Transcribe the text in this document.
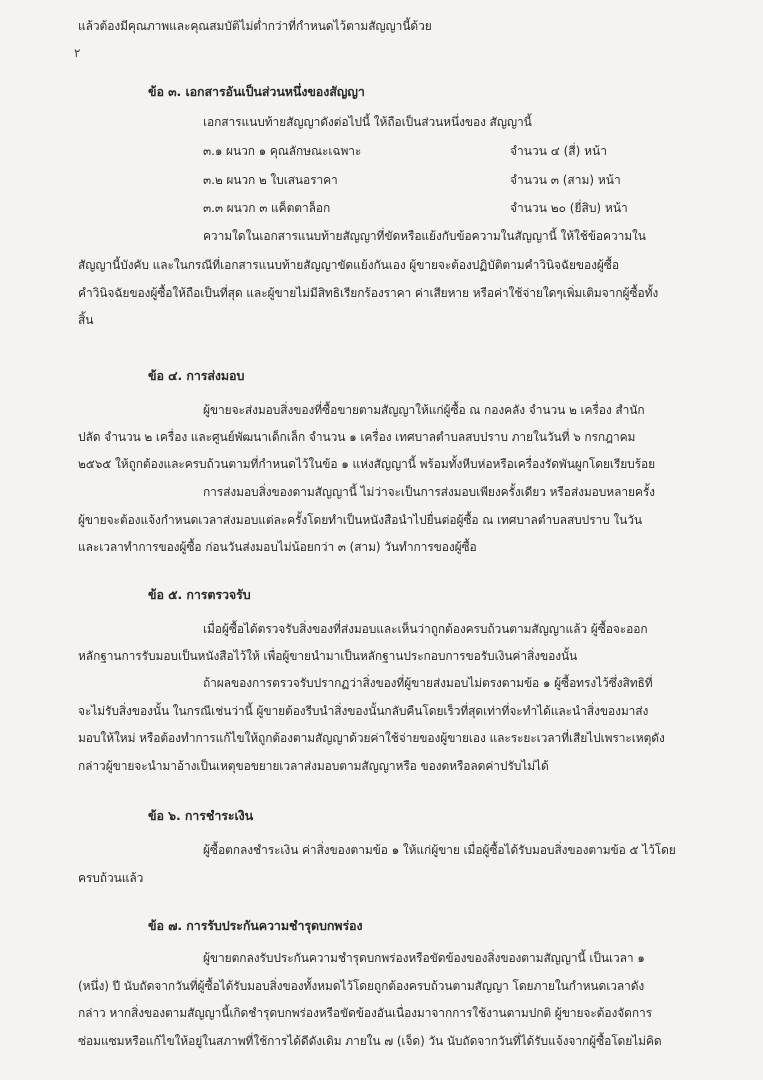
แล้วต้องมีคุณภาพและคุณสมบัติไม่ต่ำกว่าที่กำหนดไว้ตามสัญญานี้ด้วย
٢
ข้อ ๓. เอกสารอันเป็นส่วนหนึ่งของสัญญา
เอกสารแนบท้ายสัญญาดังต่อไปนี้ ให้ถือเป็นส่วนหนึ่งของ สัญญานี้
๓.๑ ผนวก ๑ คุณลักษณะเฉพาะ	จำนวน ๔ (สี่) หน้า
๓.๒ ผนวก ๒ ใบเสนอราคา	จำนวน ๓ (สาม) หน้า
๓.๓ ผนวก ๓ แค็ตตาล็อก	จำนวน ๒๐ (ยี่สิบ) หน้า
ความใดในเอกสารแนบท้ายสัญญาที่ขัดหรือแย้งกับข้อความในสัญญานี้ ให้ใช้ข้อความใน
สัญญานี้บังคับ และในกรณีที่เอกสารแนบท้ายสัญญาขัดแย้งกันเอง ผู้ขายจะต้องปฏิบัติตามคำวินิจฉัยของผู้ซื้อ
คำวินิจฉัยของผู้ซื้อให้ถือเป็นที่สุด และผู้ขายไม่มีสิทธิเรียกร้องราคา ค่าเสียหาย หรือค่าใช้จ่ายใดๆเพิ่มเติมจากผู้ซื้อทั้ง
สิ้น
ข้อ ๔. การส่งมอบ
ผู้ขายจะส่งมอบสิ่งของที่ซื้อขายตามสัญญาให้แก่ผู้ซื้อ ณ กองคลัง จำนวน ๒ เครื่อง สำนัก
ปลัด จำนวน ๒ เครื่อง และศูนย์พัฒนาเด็กเล็ก จำนวน ๑ เครื่อง เทศบาลตำบลสบปราบ ภายในวันที่ ๖ กรกฎาคม
๒๕๖๕ ให้ถูกต้องและครบถ้วนตามที่กำหนดไว้ในข้อ ๑ แห่งสัญญานี้ พร้อมทั้งหีบห่อหรือเครื่องรัดพันผูกโดยเรียบร้อย
การส่งมอบสิ่งของตามสัญญานี้ ไม่ว่าจะเป็นการส่งมอบเพียงครั้งเดียว หรือส่งมอบหลายครั้ง
ผู้ขายจะต้องแจ้งกำหนดเวลาส่งมอบแต่ละครั้งโดยทำเป็นหนังสือนำไปยื่นต่อผู้ซื้อ ณ เทศบาลตำบลสบปราบ ในวัน
และเวลาทำการของผู้ซื้อ ก่อนวันส่งมอบไม่น้อยกว่า ๓ (สาม) วันทำการของผู้ซื้อ
ข้อ ๕. การตรวจรับ
เมื่อผู้ซื้อได้ตรวจรับสิ่งของที่ส่งมอบและเห็นว่าถูกต้องครบถ้วนตามสัญญาแล้ว ผู้ซื้อจะออก
หลักฐานการรับมอบเป็นหนังสือไว้ให้ เพื่อผู้ขายนำมาเป็นหลักฐานประกอบการขอรับเงินค่าสิ่งของนั้น
ถ้าผลของการตรวจรับปรากฏว่าสิ่งของที่ผู้ขายส่งมอบไม่ตรงตามข้อ ๑ ผู้ซื้อทรงไว้ซึ่งสิทธิที่
จะไม่รับสิ่งของนั้น ในกรณีเช่นว่านี้ ผู้ขายต้องรีบนำสิ่งของนั้นกลับคืนโดยเร็วที่สุดเท่าที่จะทำได้และนำสิ่งของมาส่ง
มอบให้ใหม่ หรือต้องทำการแก้ไขให้ถูกต้องตามสัญญาด้วยค่าใช้จ่ายของผู้ขายเอง และระยะเวลาที่เสียไปเพราะเหตุดัง
กล่าวผู้ขายจะนำมาอ้างเป็นเหตุขอขยายเวลาส่งมอบตามสัญญาหรือ ของดหรือลดค่าปรับไม่ได้
ข้อ ๖. การชำระเงิน
ผู้ซื้อตกลงชำระเงิน ค่าสิ่งของตามข้อ ๑ ให้แก่ผู้ขาย เมื่อผู้ซื้อได้รับมอบสิ่งของตามข้อ ๕ ไว้โดย
ครบถ้วนแล้ว
ข้อ ๗. การรับประกันความชำรุดบกพร่อง
ผู้ขายตกลงรับประกันความชำรุดบกพร่องหรือขัดข้องของสิ่งของตามสัญญานี้ เป็นเวลา ๑
(หนึ่ง) ปี นับถัดจากวันที่ผู้ซื้อได้รับมอบสิ่งของทั้งหมดไว้โดยถูกต้องครบถ้วนตามสัญญา โดยภายในกำหนดเวลาดัง
กล่าว หากสิ่งของตามสัญญานี้เกิดชำรุดบกพร่องหรือขัดข้องอันเนื่องมาจากการใช้งานตามปกติ ผู้ขายจะต้องจัดการ
ซ่อมแซมหรือแก้ไขให้อยู่ในสภาพที่ใช้การได้ดีดังเดิม ภายใน ๗ (เจ็ด) วัน นับถัดจากวันที่ได้รับแจ้งจากผู้ซื้อโดยไม่คิด
